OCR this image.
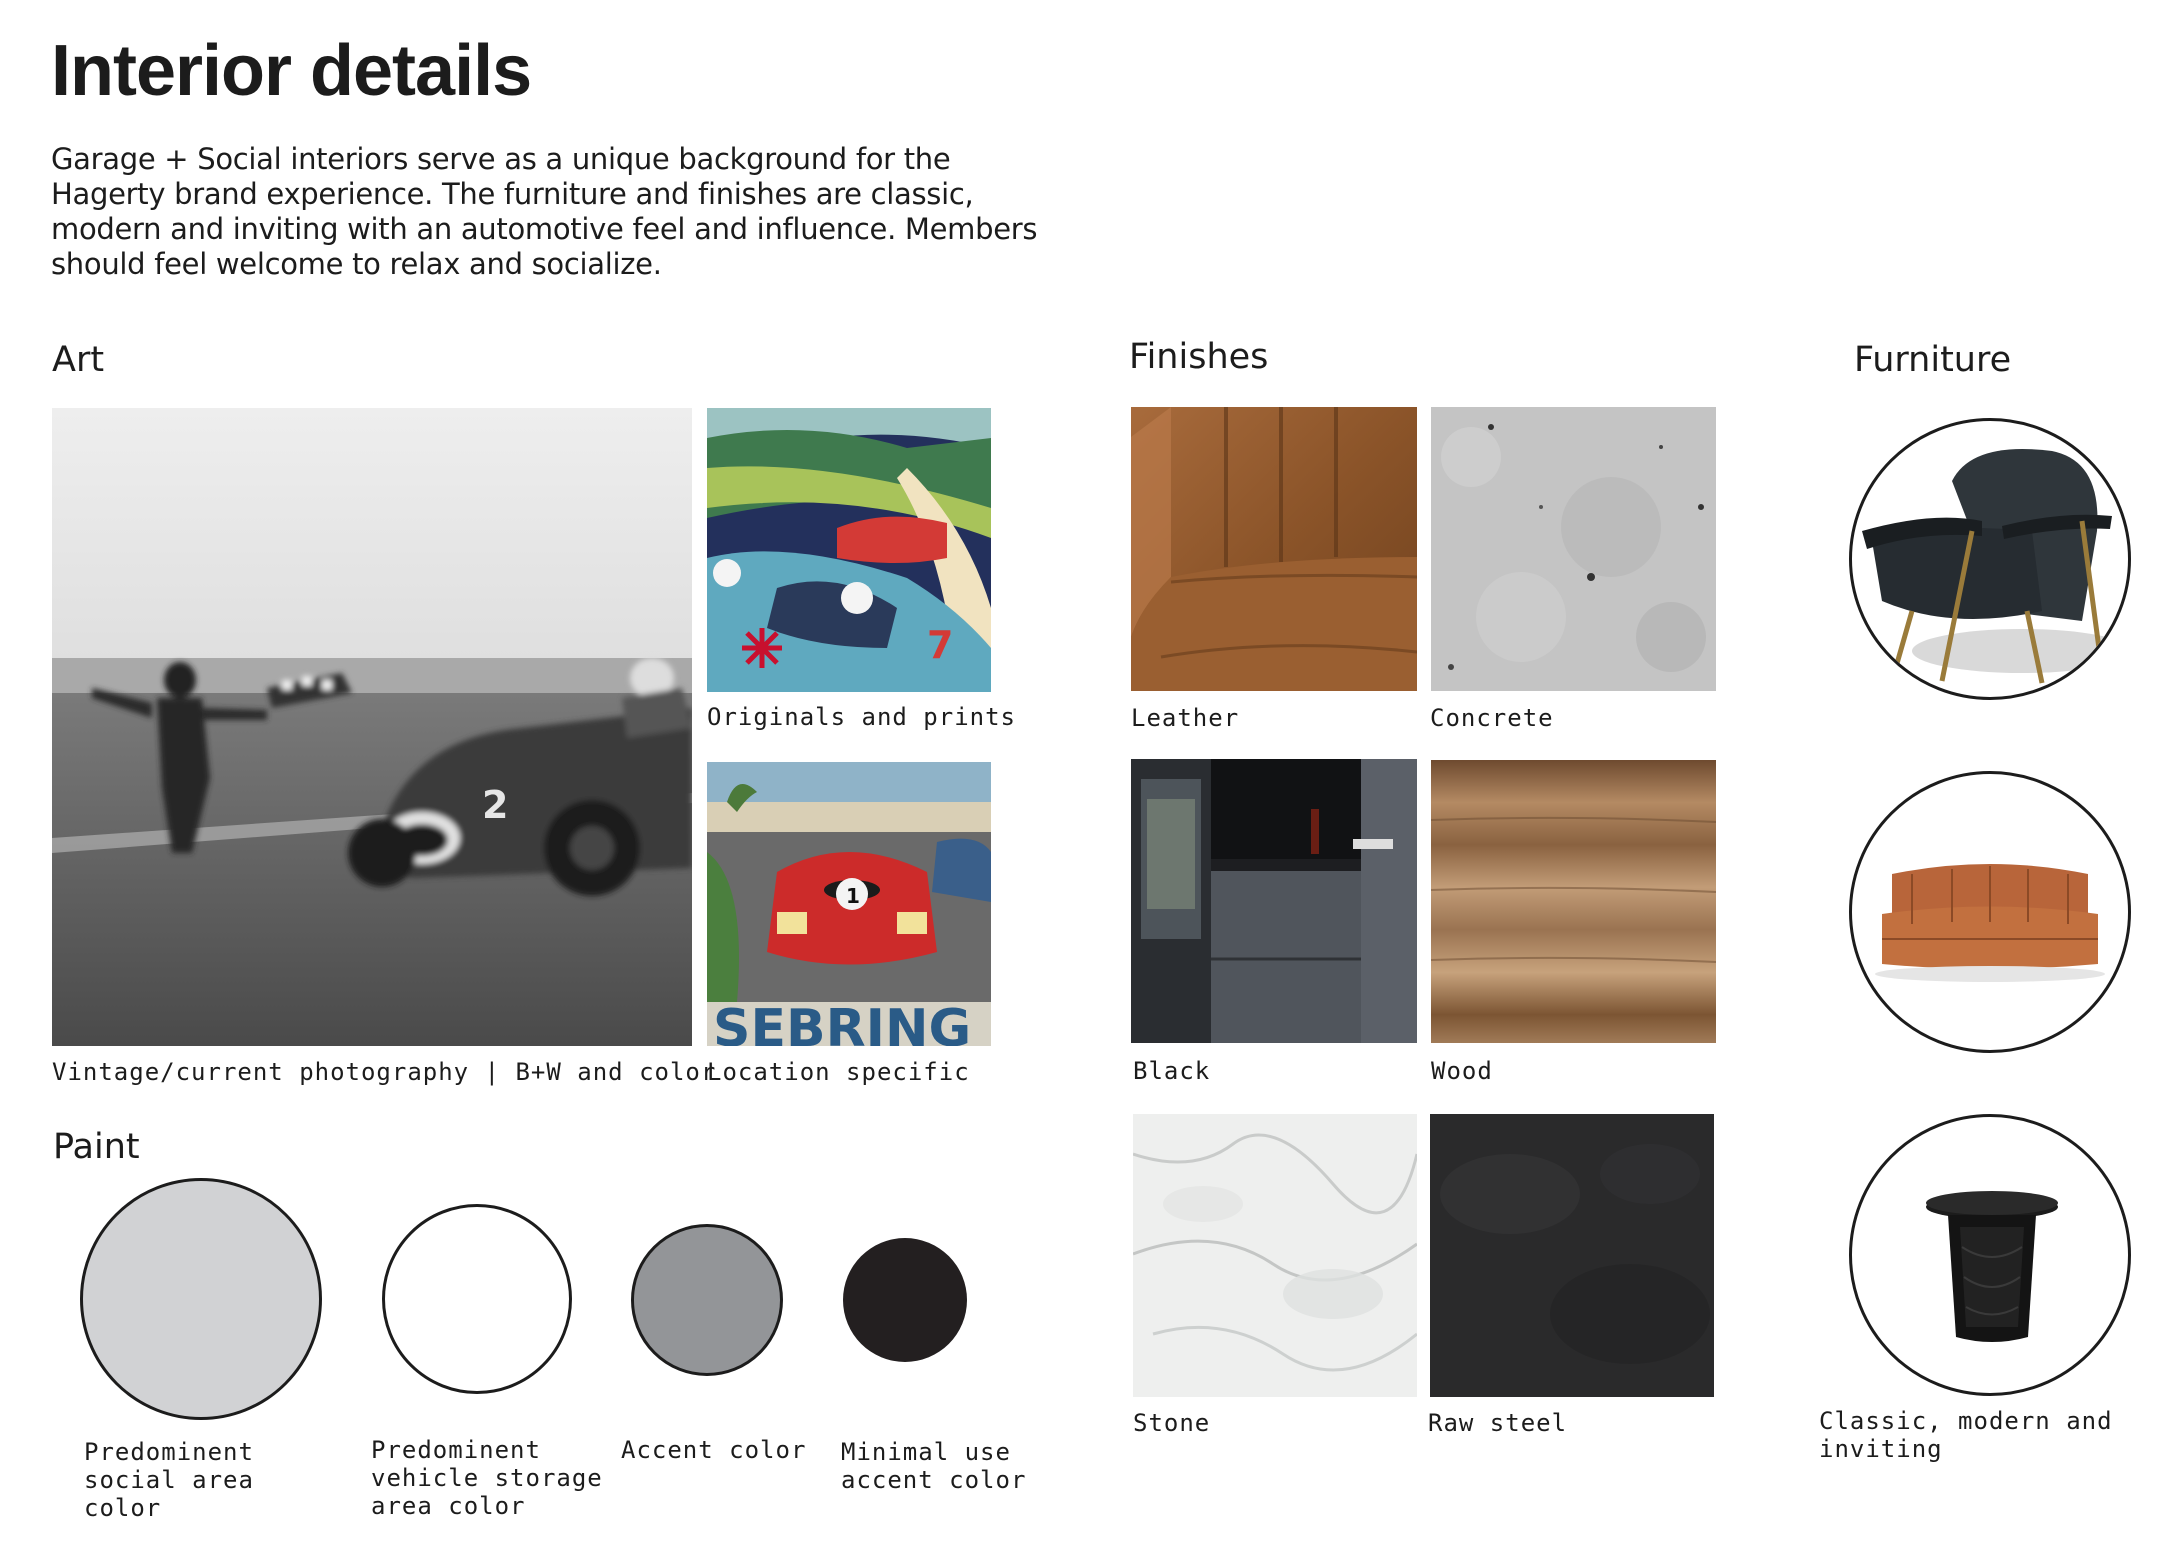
Interior details

Garage + Social interiors serve as a unique background for the Hagerty brand experience. The furniture and finishes are classic, modern and inviting with an automotive feel and influence. Members should feel welcome to relax and socialize.

Art
2
Vintage/current photography | B+W and color
7
Originals and prints
1
SEBRING
Location specific
Paint
Predominent
social area
color
Predominent
vehicle storage
area color
Accent color Minimal use
accent color
Finishes
Leather	Concrete
Black	Wood
Stone	Raw steel
Furniture
Classic, modern and
inviting
